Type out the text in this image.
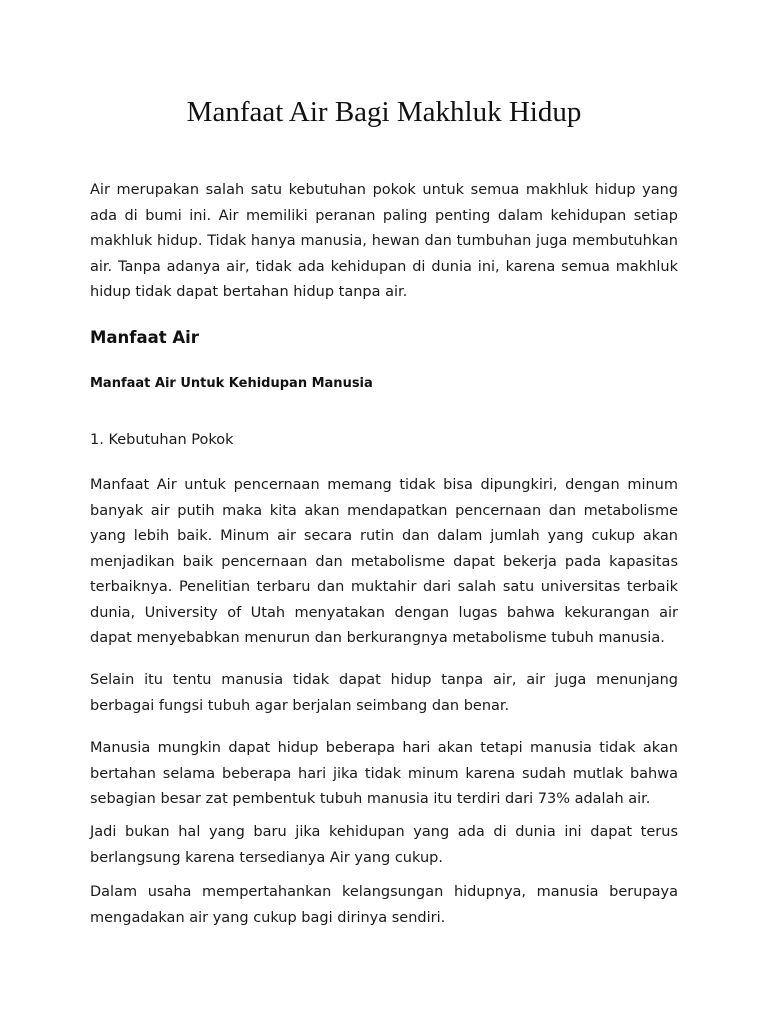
Manfaat Air Bagi Makhluk Hidup

Air merupakan salah satu kebutuhan pokok untuk semua makhluk hidup yang ada di bumi ini. Air memiliki peranan paling penting dalam kehidupan setiap makhluk hidup. Tidak hanya manusia, hewan dan tumbuhan juga membutuhkan air. Tanpa adanya air, tidak ada kehidupan di dunia ini, karena semua makhluk hidup tidak dapat bertahan hidup tanpa air.

Manfaat Air
Manfaat Air Untuk Kehidupan Manusia

1. Kebutuhan Pokok

Manfaat Air untuk pencernaan memang tidak bisa dipungkiri, dengan minum banyak air putih maka kita akan mendapatkan pencernaan dan metabolisme yang lebih baik. Minum air secara rutin dan dalam jumlah yang cukup akan menjadikan baik pencernaan dan metabolisme dapat bekerja pada kapasitas terbaiknya. Penelitian terbaru dan muktahir dari salah satu universitas terbaik dunia, University of Utah menyatakan dengan lugas bahwa kekurangan air dapat menyebabkan menurun dan berkurangnya metabolisme tubuh manusia.

Selain itu tentu manusia tidak dapat hidup tanpa air, air juga menunjang berbagai fungsi tubuh agar berjalan seimbang dan benar.

Manusia mungkin dapat hidup beberapa hari akan tetapi manusia tidak akan bertahan selama beberapa hari jika tidak minum karena sudah mutlak bahwa sebagian besar zat pembentuk tubuh manusia itu terdiri dari 73% adalah air.

Jadi bukan hal yang baru jika kehidupan yang ada di dunia ini dapat terus berlangsung karena tersedianya Air yang cukup.

Dalam usaha mempertahankan kelangsungan hidupnya, manusia berupaya mengadakan air yang cukup bagi dirinya sendiri.
